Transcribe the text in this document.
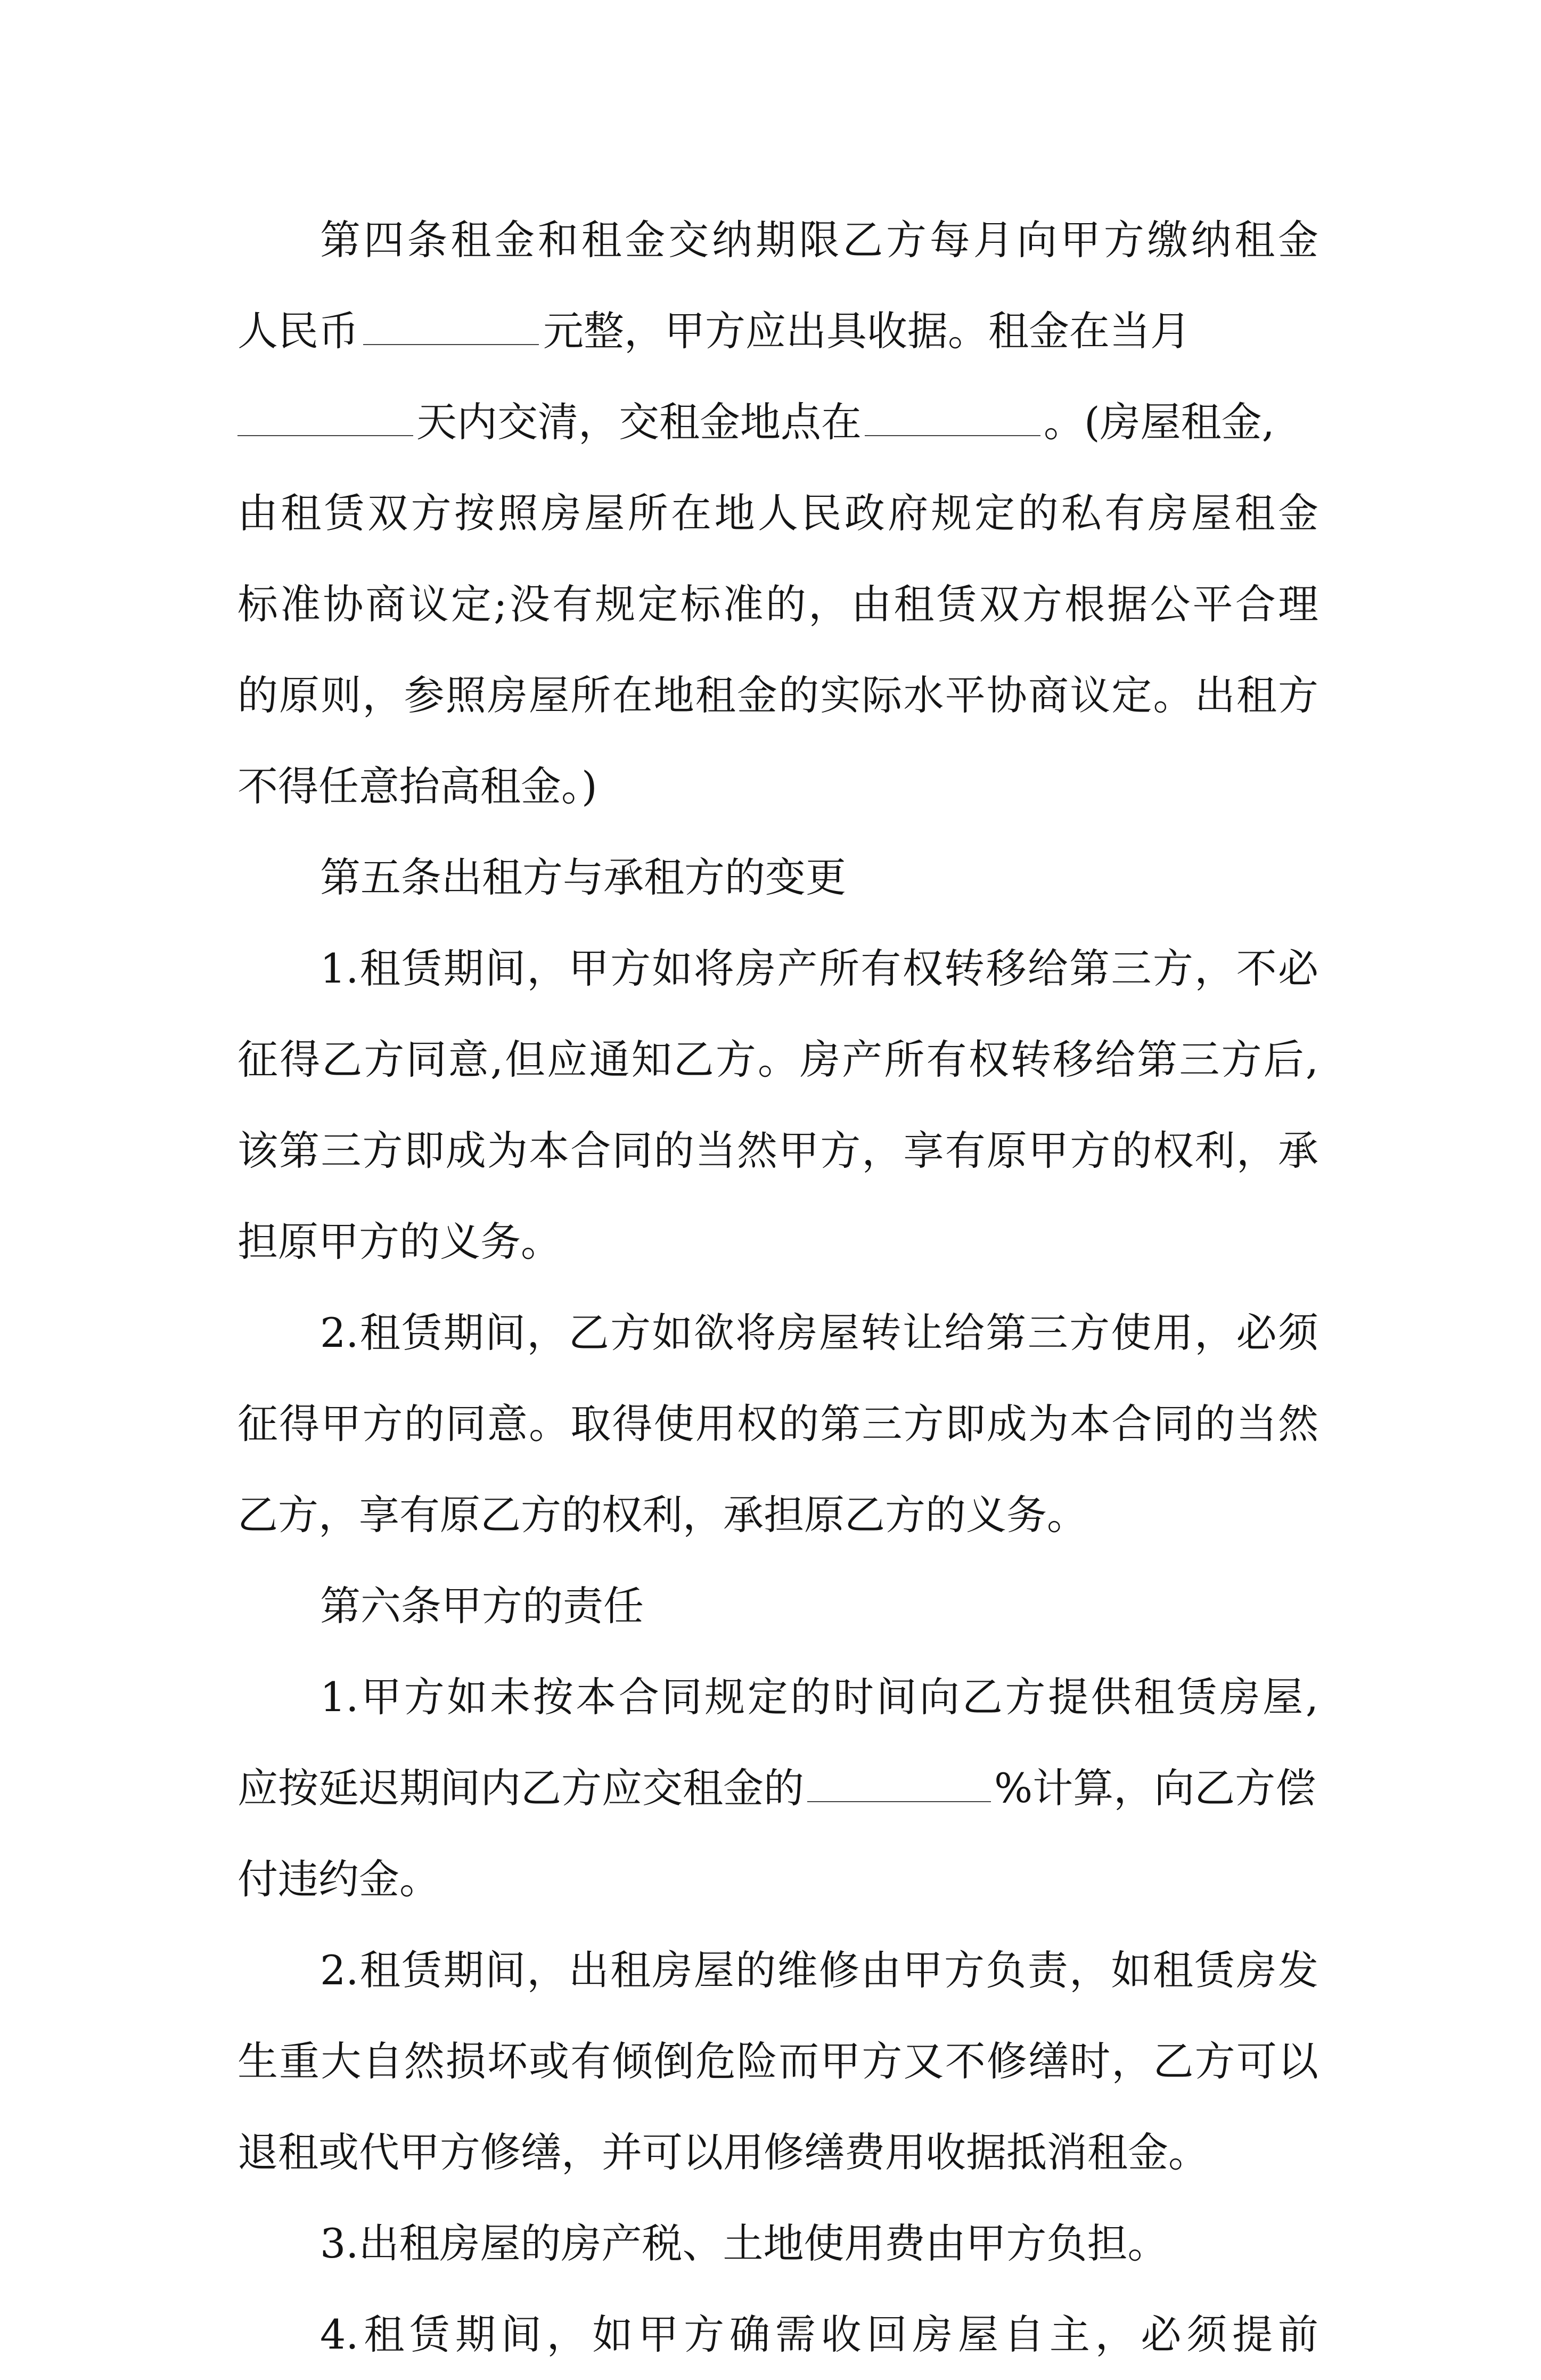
第四条租金和租金交纳期限乙方每月向甲方缴纳租金
人民币	元整，甲方应出具收据。租金在当月
天内交清，交租金地点在	。(房屋租金,
由租赁双方按照房屋所在地人民政府规定的私有房屋租金
标准协商议定;没有规定标准的，由租赁双方根据公平合理
的原则，参照房屋所在地租金的实际水平协商议定。出租方
不得任意抬高租金。)
第五条出租方与承租方的变更
1.租赁期间，甲方如将房产所有权转移给第三方，不必
征得乙方同意,但应通知乙方。房产所有权转移给第三方后,
该第三方即成为本合同的当然甲方，享有原甲方的权利，承
担原甲方的义务。
2.租赁期间，乙方如欲将房屋转让给第三方使用，必须
征得甲方的同意。取得使用权的第三方即成为本合同的当然
乙方，享有原乙方的权利，承担原乙方的义务。
第六条甲方的责任
1.甲方如未按本合同规定的时间向乙方提供租赁房屋,
应按延迟期间内乙方应交租金的	%计算，向乙方偿
付违约金。
2.租赁期间，出租房屋的维修由甲方负责，如租赁房发
生重大自然损坏或有倾倒危险而甲方又不修缮时，乙方可以
退租或代甲方修缮，并可以用修缮费用收据抵消租金。
3.出租房屋的房产税、土地使用费由甲方负担。
4.租赁期间，如甲方确需收回房屋自主，必须提前
